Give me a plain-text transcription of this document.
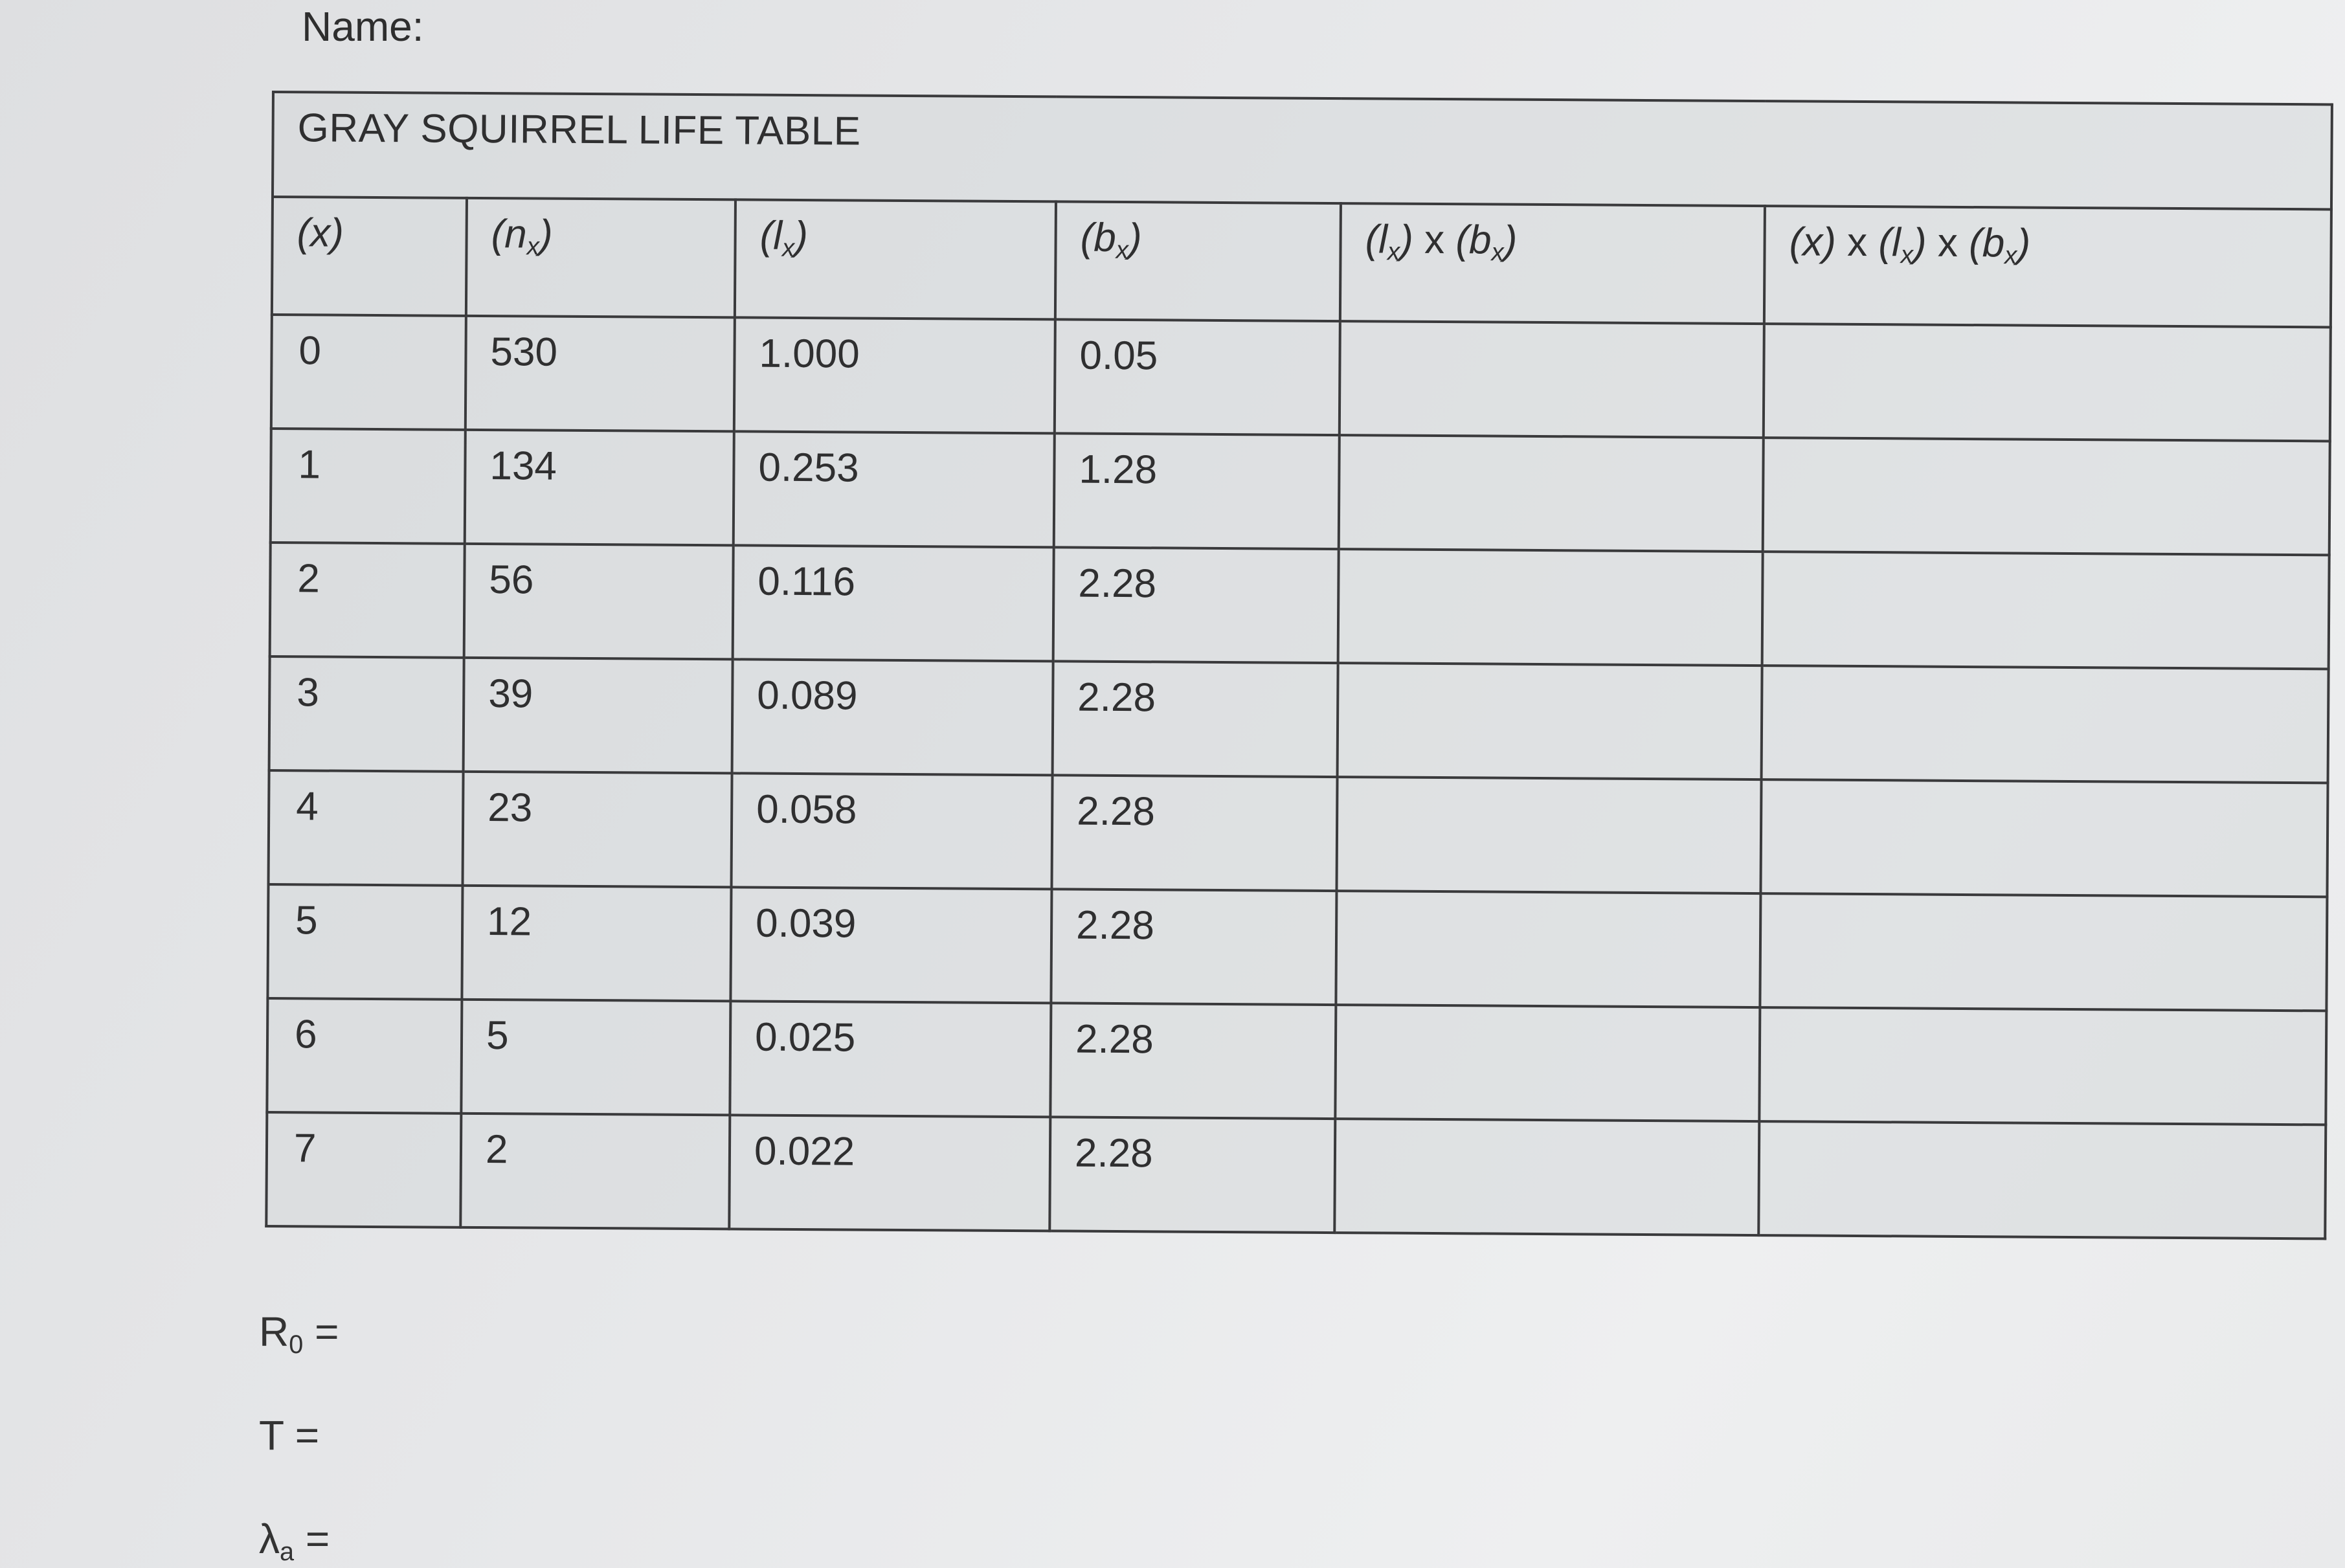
Name:
GRAY SQUIRREL LIFE TABLE					
(x)	$(n_x)$	$(l_x)$	$(b_x)$	$(l_x)$ x $(b_x)$	(x) x $(l_x)$ x $(b_x)$
0	530	1.000	0.05		
1	134	0.253	1.28		
2	56	0.116	2.28		
3	39	0.089	2.28		
4	23	0.058	2.28		
5	12	0.039	2.28		
6	5	0.025	2.28		
7	2	0.022	2.28		
$R_0$ =
T =
$\lambda_a$ =
